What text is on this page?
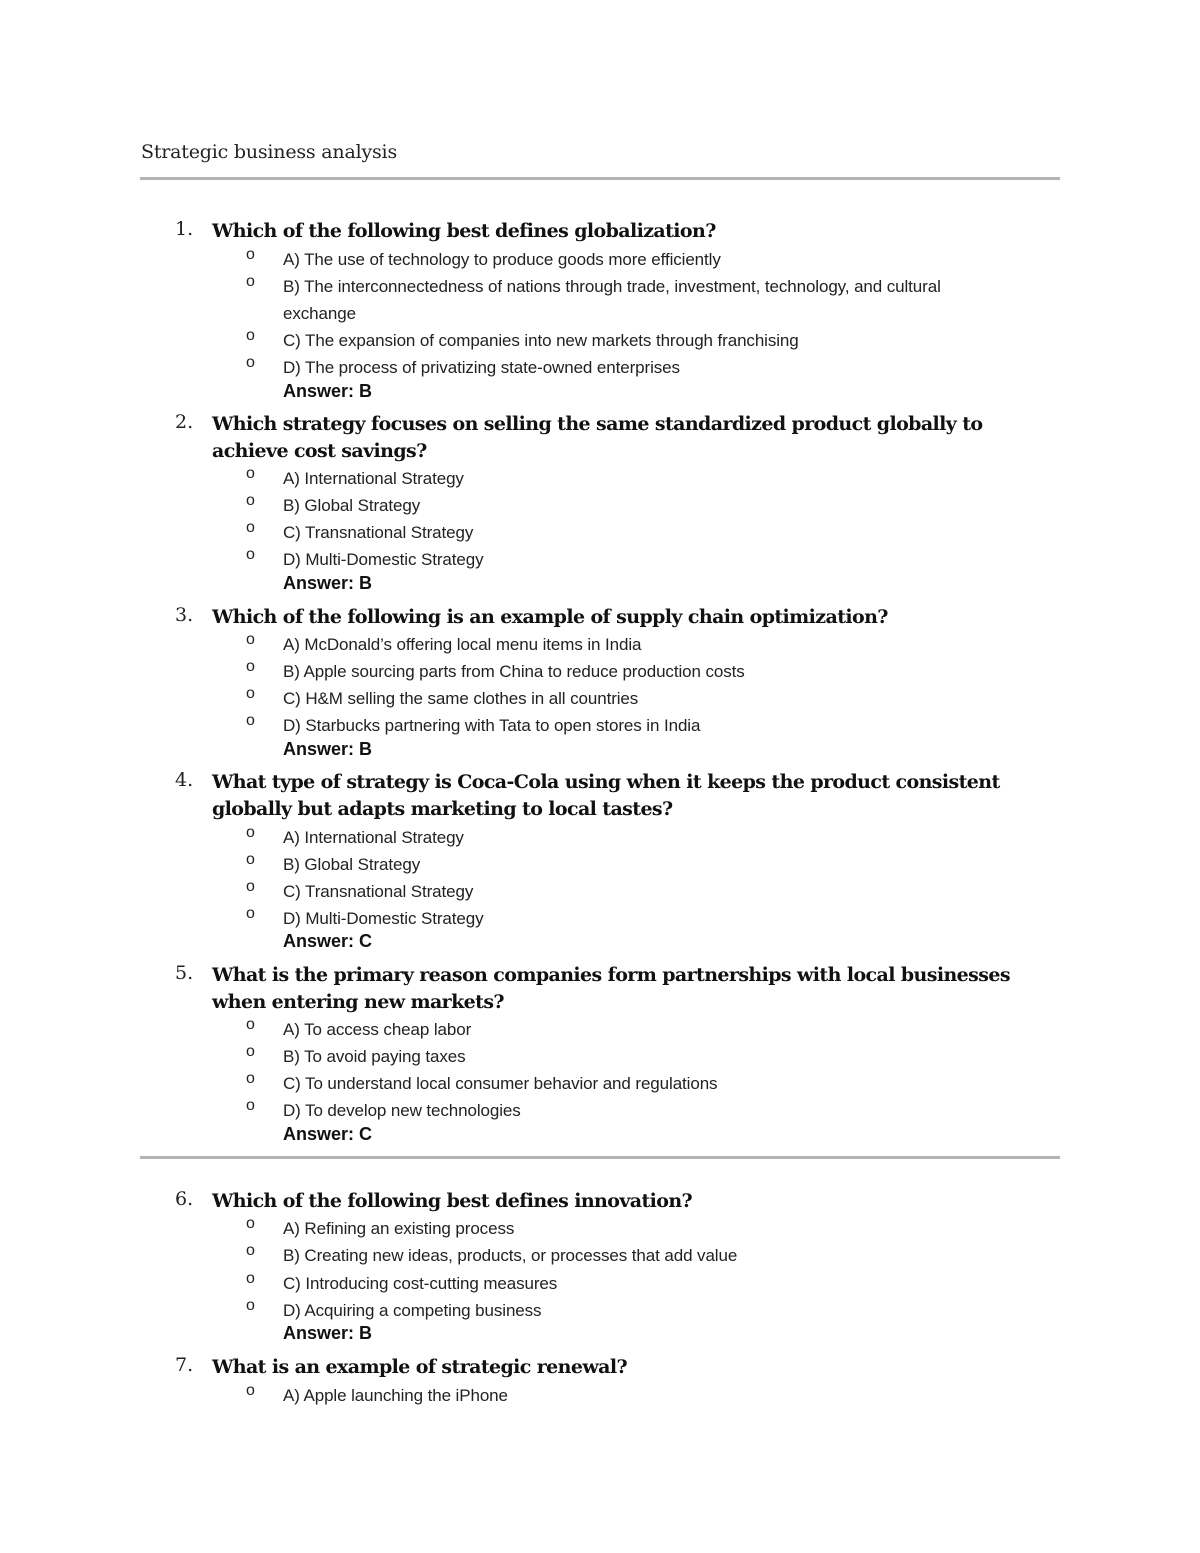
Strategic business analysis
1. Which of the following best defines globalization?
o A) The use of technology to produce goods more efficiently
o B) The interconnectedness of nations through trade, investment, technology, and cultural exchange
o C) The expansion of companies into new markets through franchising
o D) The process of privatizing state-owned enterprises
Answer: B
2. Which strategy focuses on selling the same standardized product globally to achieve cost savings?
o A) International Strategy
o B) Global Strategy
o C) Transnational Strategy
o D) Multi-Domestic Strategy
Answer: B
3. Which of the following is an example of supply chain optimization?
o A) McDonald’s offering local menu items in India
o B) Apple sourcing parts from China to reduce production costs
o C) H&M selling the same clothes in all countries
o D) Starbucks partnering with Tata to open stores in India
Answer: B
4. What type of strategy is Coca-Cola using when it keeps the product consistent globally but adapts marketing to local tastes?
o A) International Strategy
o B) Global Strategy
o C) Transnational Strategy
o D) Multi-Domestic Strategy
Answer: C
5. What is the primary reason companies form partnerships with local businesses when entering new markets?
o A) To access cheap labor
o B) To avoid paying taxes
o C) To understand local consumer behavior and regulations
o D) To develop new technologies
Answer: C
6. Which of the following best defines innovation?
o A) Refining an existing process
o B) Creating new ideas, products, or processes that add value
o C) Introducing cost-cutting measures
o D) Acquiring a competing business
Answer: B
7. What is an example of strategic renewal?
o A) Apple launching the iPhone
